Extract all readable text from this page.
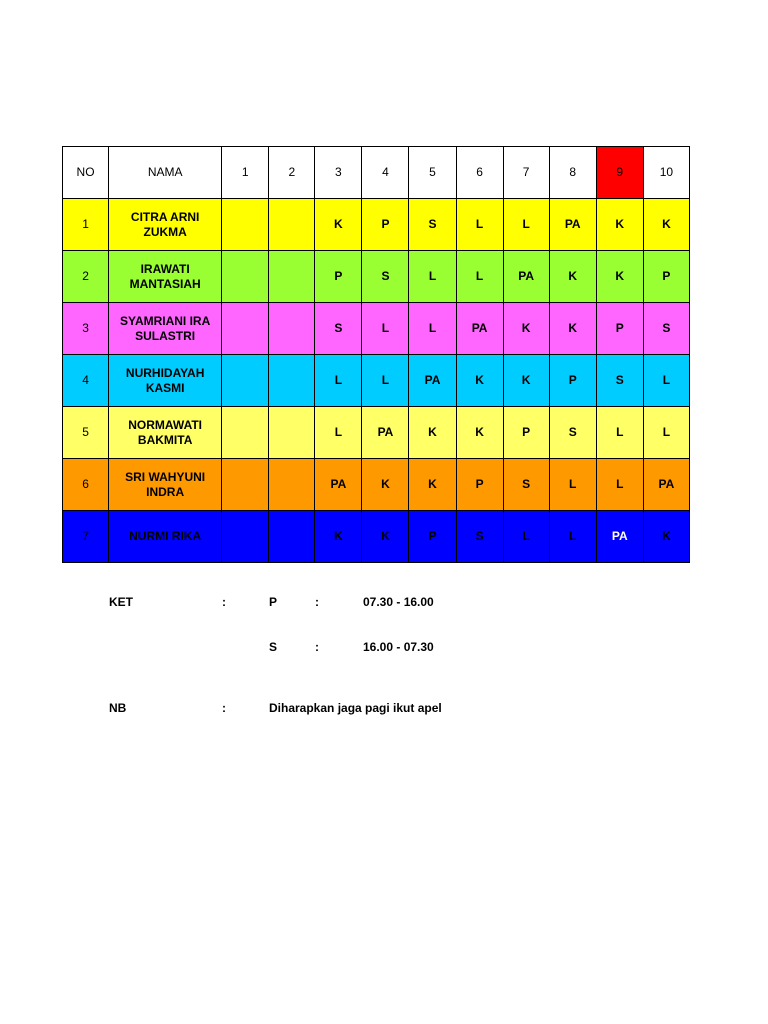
NO	NAMA	1	2	3	4	5	6	7	8	9	10
1	CITRA ARNI
ZUKMA			K	P	S	L	L	PA	K	K
2	IRAWATI
MANTASIAH			P	S	L	L	PA	K	K	P
3	SYAMRIANI IRA
SULASTRI			S	L	L	PA	K	K	P	S
4	NURHIDAYAH
KASMI			L	L	PA	K	K	P	S	L
5	NORMAWATI
BAKMITA			L	PA	K	K	P	S	L	L
6	SRI WAHYUNI
INDRA			PA	K	K	P	S	L	L	PA
7	NURMI RIKA			K	K	P	S	L	L	PA	K
KET	:	P	:	07.30 - 16.00
S	:	16.00 - 07.30
NB	:	Diharapkan jaga pagi ikut apel
